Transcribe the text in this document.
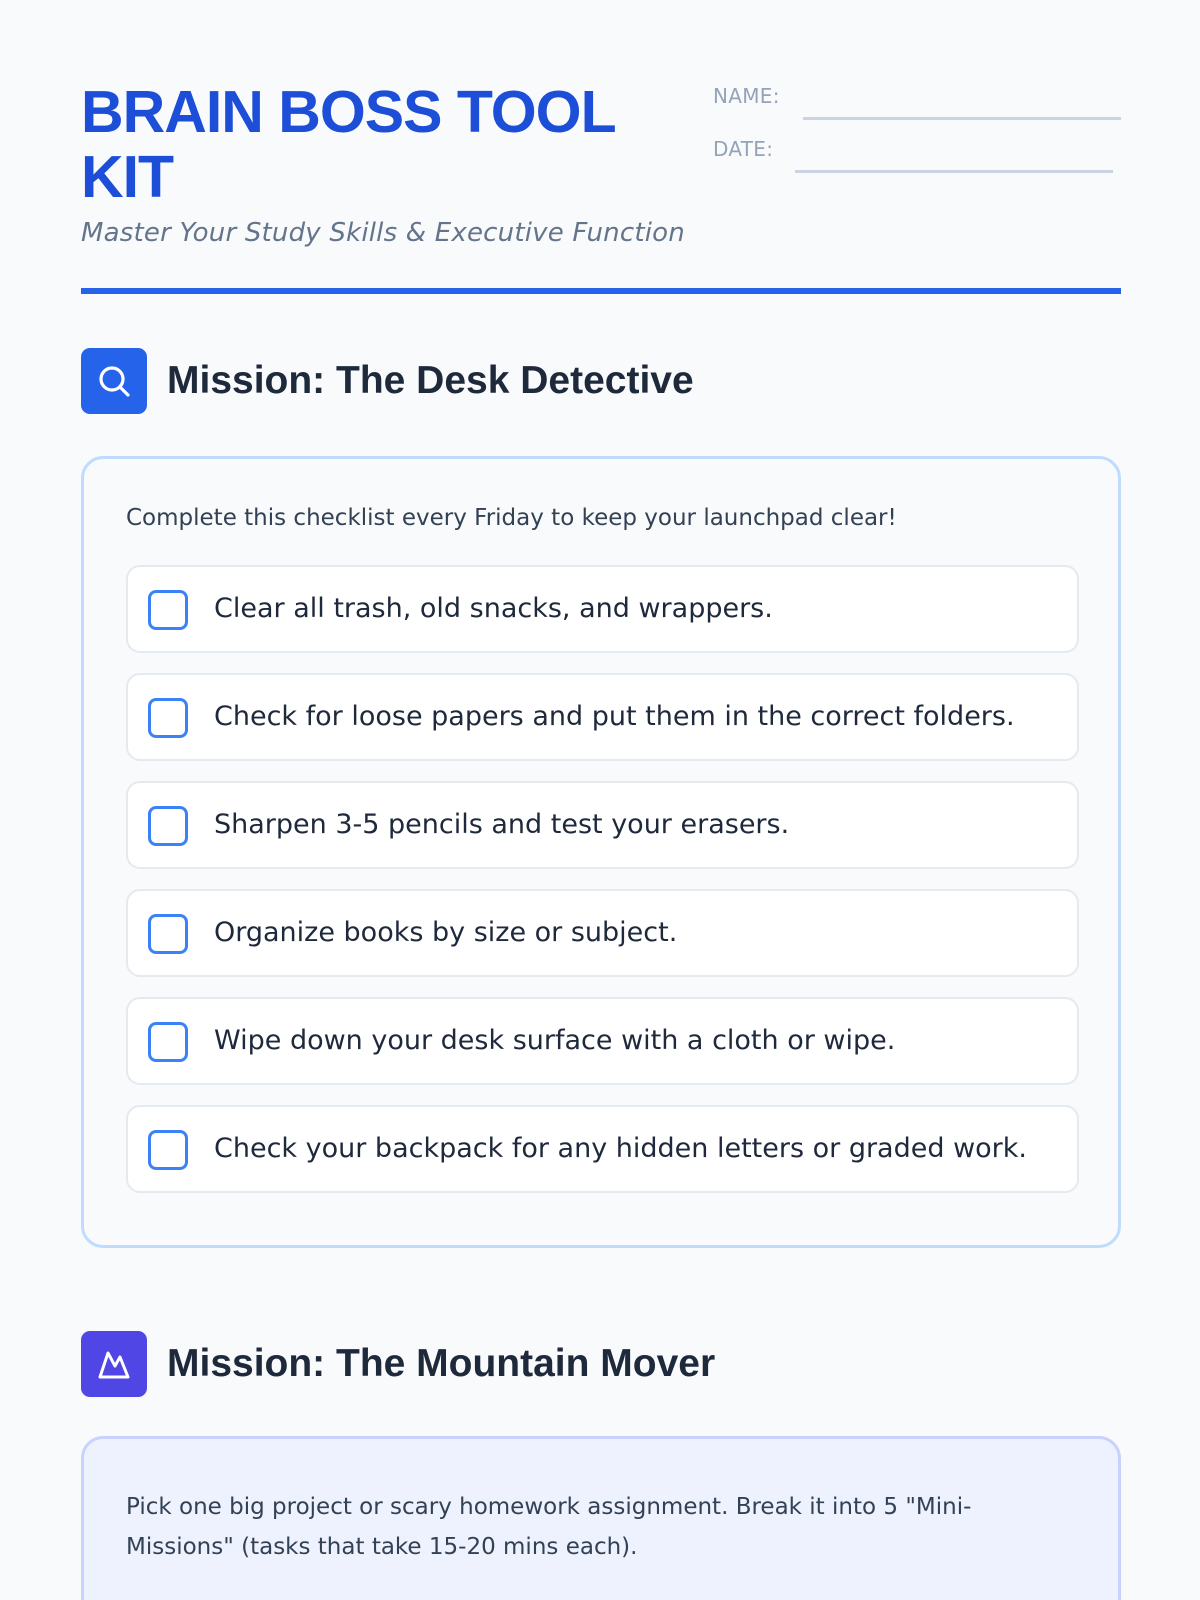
BRAIN BOSS TOOL KIT
Master Your Study Skills & Executive Function
NAME:
DATE:
Mission: The Desk Detective
Complete this checklist every Friday to keep your launchpad clear!
Clear all trash, old snacks, and wrappers.
Check for loose papers and put them in the correct folders.
Sharpen 3-5 pencils and test your erasers.
Organize books by size or subject.
Wipe down your desk surface with a cloth or wipe.
Check your backpack for any hidden letters or graded work.
Mission: The Mountain Mover
Pick one big project or scary homework assignment. Break it into 5 "Mini-Missions" (tasks that take 15-20 mins each).
